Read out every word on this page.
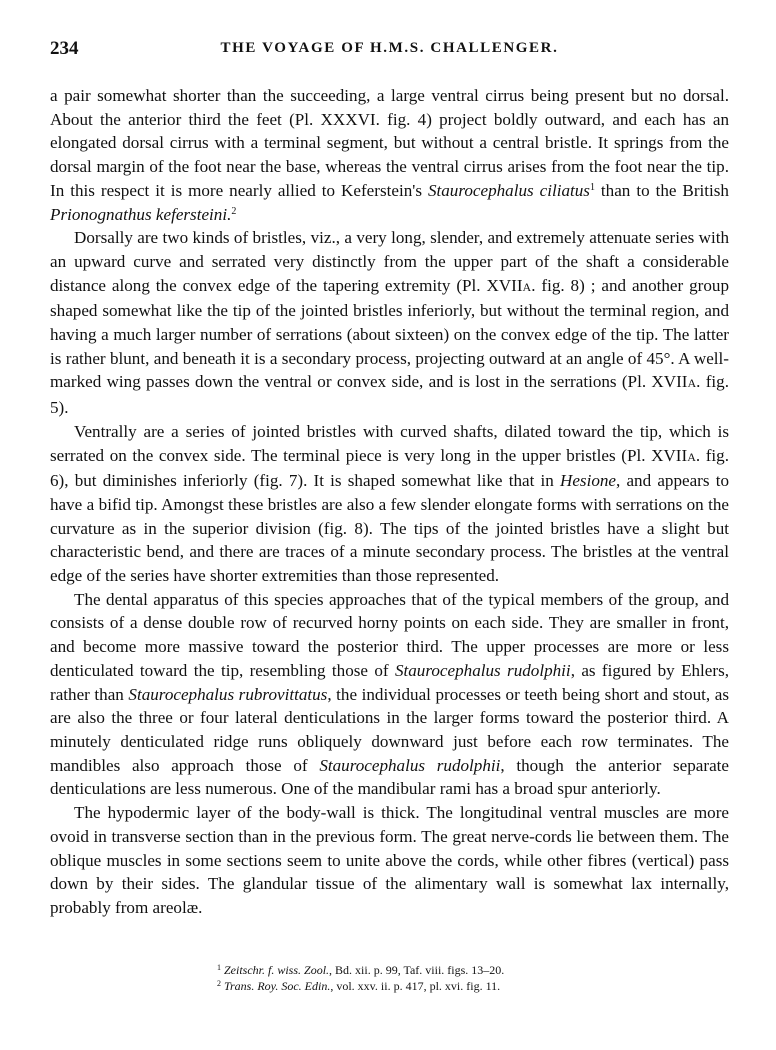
234	THE VOYAGE OF H.M.S. CHALLENGER.

a pair somewhat shorter than the succeeding, a large ventral cirrus being present but no dorsal. About the anterior third the feet (Pl. XXXVI. fig. 4) project boldly outward, and each has an elongated dorsal cirrus with a terminal segment, but without a central bristle. It springs from the dorsal margin of the foot near the base, whereas the ventral cirrus arises from the foot near the tip. In this respect it is more nearly allied to Keferstein's Staurocephalus ciliatus$^1$ than to the British Prionognathus kefersteini.$^2$

Dorsally are two kinds of bristles, viz., a very long, slender, and extremely attenuate series with an upward curve and serrated very distinctly from the upper part of the shaft a considerable distance along the convex edge of the tapering extremity (Pl. XVIIA. fig. 8) ; and another group shaped somewhat like the tip of the jointed bristles inferiorly, but without the terminal region, and having a much larger number of serrations (about sixteen) on the convex edge of the tip. The latter is rather blunt, and beneath it is a secondary process, projecting outward at an angle of 45°. A well-marked wing passes down the ventral or convex side, and is lost in the serrations (Pl. XVIIA. fig. 5).

Ventrally are a series of jointed bristles with curved shafts, dilated toward the tip, which is serrated on the convex side. The terminal piece is very long in the upper bristles (Pl. XVIIA. fig. 6), but diminishes inferiorly (fig. 7). It is shaped somewhat like that in Hesione, and appears to have a bifid tip. Amongst these bristles are also a few slender elongate forms with serrations on the curvature as in the superior division (fig. 8). The tips of the jointed bristles have a slight but characteristic bend, and there are traces of a minute secondary process. The bristles at the ventral edge of the series have shorter extremities than those represented.

The dental apparatus of this species approaches that of the typical members of the group, and consists of a dense double row of recurved horny points on each side. They are smaller in front, and become more massive toward the posterior third. The upper processes are more or less denticulated toward the tip, resembling those of Staurocephalus rudolphii, as figured by Ehlers, rather than Staurocephalus rubrovittatus, the individual processes or teeth being short and stout, as are also the three or four lateral denticulations in the larger forms toward the posterior third. A minutely denticulated ridge runs obliquely downward just before each row terminates. The mandibles also approach those of Staurocephalus rudolphii, though the anterior separate denticulations are less numerous. One of the mandibular rami has a broad spur anteriorly.

The hypodermic layer of the body-wall is thick. The longitudinal ventral muscles are more ovoid in transverse section than in the previous form. The great nerve-cords lie between them. The oblique muscles in some sections seem to unite above the cords, while other fibres (vertical) pass down by their sides. The glandular tissue of the alimentary wall is somewhat lax internally, probably from areolæ.

$^1$ Zeitschr. f. wiss. Zool., Bd. xii. p. 99, Taf. viii. figs. 13–20.
$^2$ Trans. Roy. Soc. Edin., vol. xxv. ii. p. 417, pl. xvi. fig. 11.
